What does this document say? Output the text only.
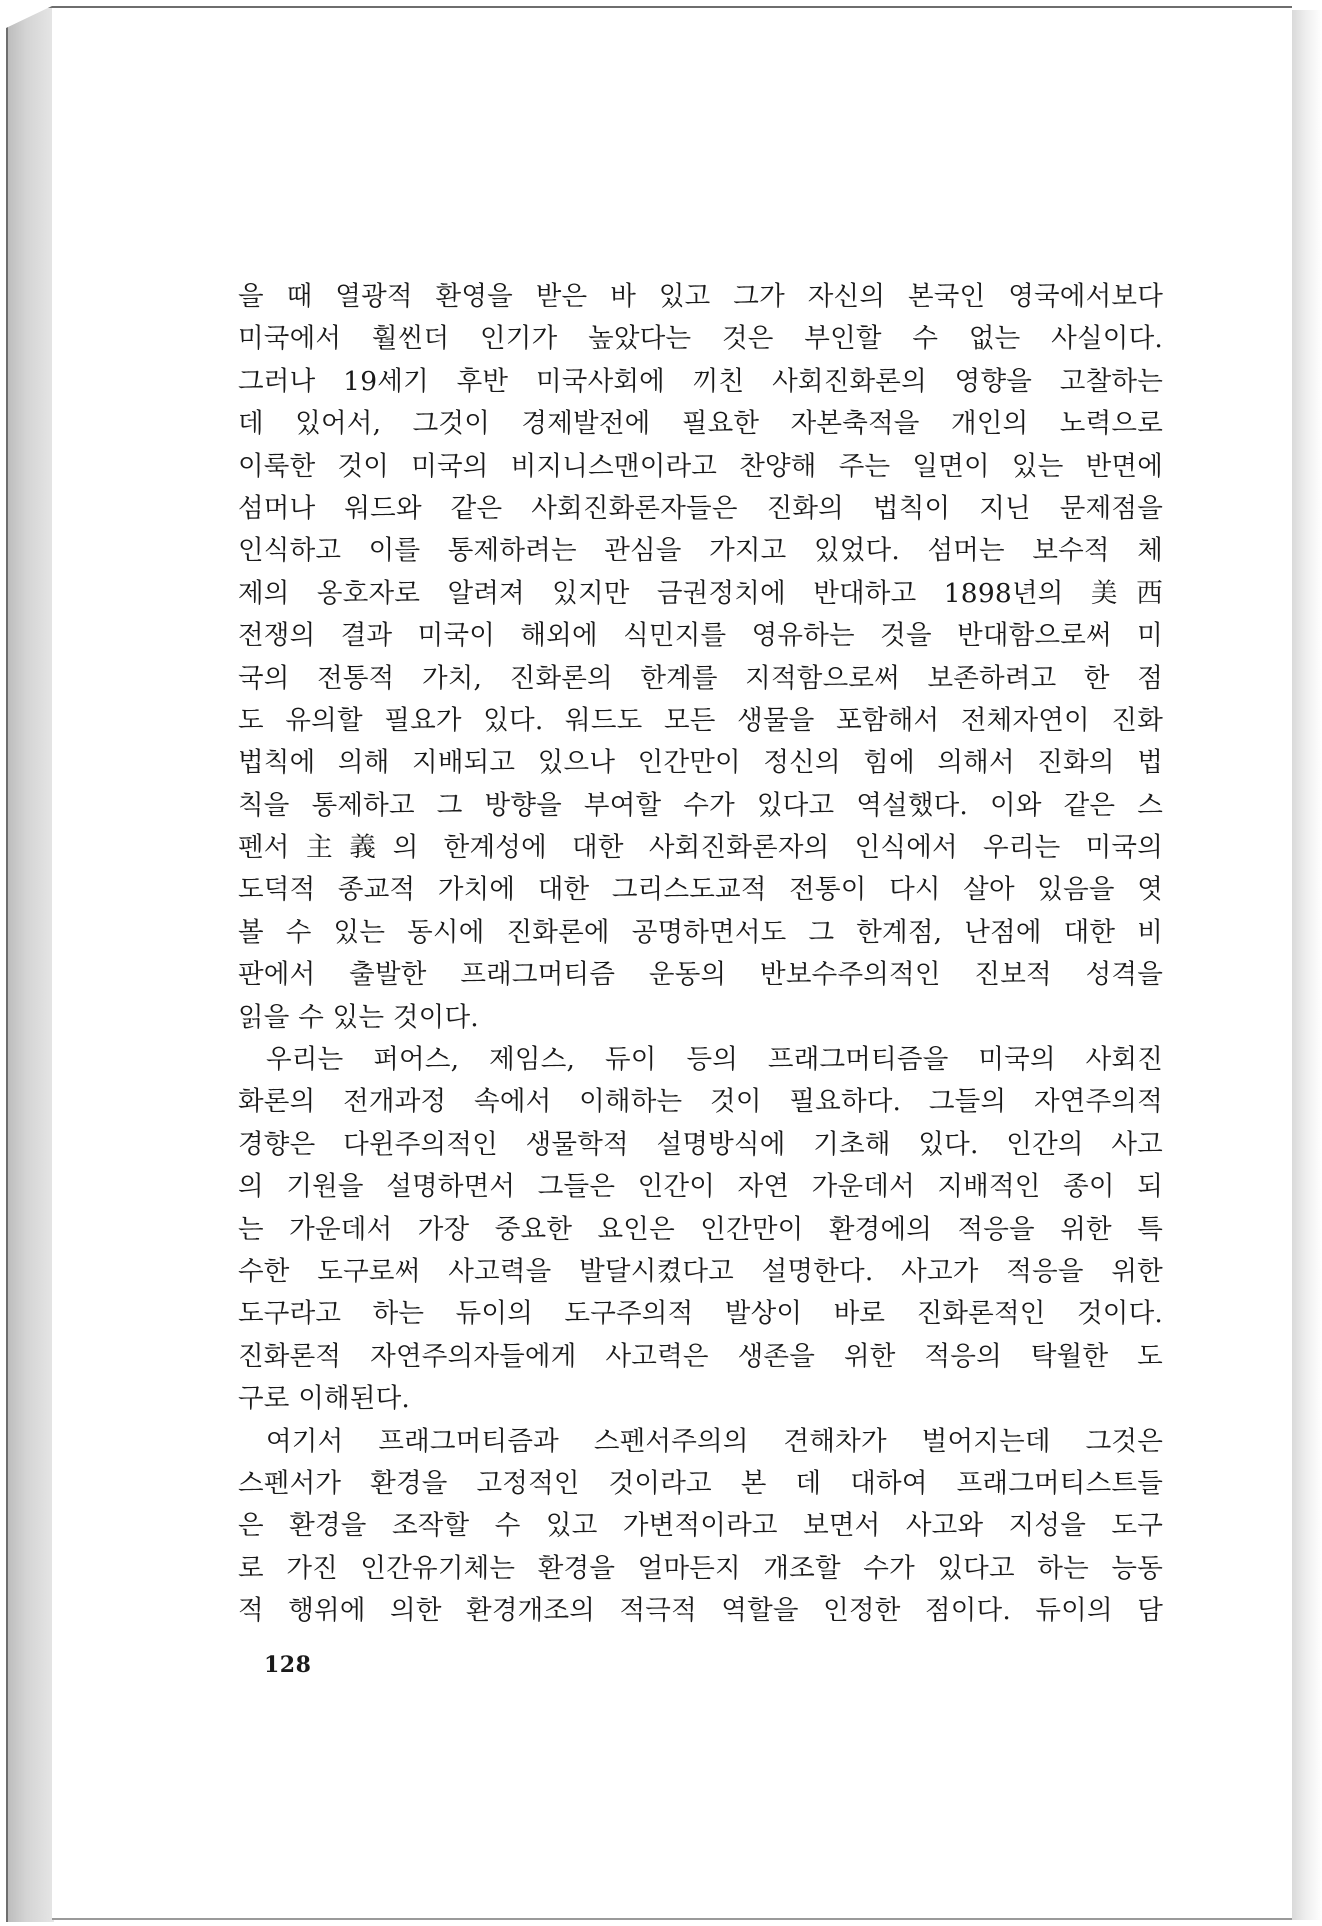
을 때 열광적 환영을 받은 바 있고 그가 자신의 본국인 영국에서보다
미국에서 훨씬더 인기가 높았다는 것은 부인할 수 없는 사실이다.
그러나 19세기 후반 미국사회에 끼친 사회진화론의 영향을 고찰하는
데 있어서, 그것이 경제발전에 필요한 자본축적을 개인의 노력으로
이룩한 것이 미국의 비지니스맨이라고 찬양해 주는 일면이 있는 반면에
섬머나 워드와 같은 사회진화론자들은 진화의 법칙이 지닌 문제점을
인식하고 이를 통제하려는 관심을 가지고 있었다. 섬머는 보수적 체
제의 옹호자로 알려져 있지만 금권정치에 반대하고 1898년의 美西
전쟁의 결과 미국이 해외에 식민지를 영유하는 것을 반대함으로써 미
국의 전통적 가치, 진화론의 한계를 지적함으로써 보존하려고 한 점
도 유의할 필요가 있다. 워드도 모든 생물을 포함해서 전체자연이 진화
법칙에 의해 지배되고 있으나 인간만이 정신의 힘에 의해서 진화의 법
칙을 통제하고 그 방향을 부여할 수가 있다고 역설했다. 이와 같은 스
펜서主義의 한계성에 대한 사회진화론자의 인식에서 우리는 미국의
도덕적 종교적 가치에 대한 그리스도교적 전통이 다시 살아 있음을 엿
볼 수 있는 동시에 진화론에 공명하면서도 그 한계점, 난점에 대한 비
판에서 출발한 프래그머티즘 운동의 반보수주의적인 진보적 성격을
읽을 수 있는 것이다.
우리는 퍼어스, 제임스, 듀이 등의 프래그머티즘을 미국의 사회진
화론의 전개과정 속에서 이해하는 것이 필요하다. 그들의 자연주의적
경향은 다윈주의적인 생물학적 설명방식에 기초해 있다. 인간의 사고
의 기원을 설명하면서 그들은 인간이 자연 가운데서 지배적인 종이 되
는 가운데서 가장 중요한 요인은 인간만이 환경에의 적응을 위한 특
수한 도구로써 사고력을 발달시켰다고 설명한다. 사고가 적응을 위한
도구라고 하는 듀이의 도구주의적 발상이 바로 진화론적인 것이다.
진화론적 자연주의자들에게 사고력은 생존을 위한 적응의 탁월한 도
구로 이해된다.
여기서 프래그머티즘과 스펜서주의의 견해차가 벌어지는데 그것은
스펜서가 환경을 고정적인 것이라고 본 데 대하여 프래그머티스트들
은 환경을 조작할 수 있고 가변적이라고 보면서 사고와 지성을 도구
로 가진 인간유기체는 환경을 얼마든지 개조할 수가 있다고 하는 능동
적 행위에 의한 환경개조의 적극적 역할을 인정한 점이다. 듀이의 담
128
